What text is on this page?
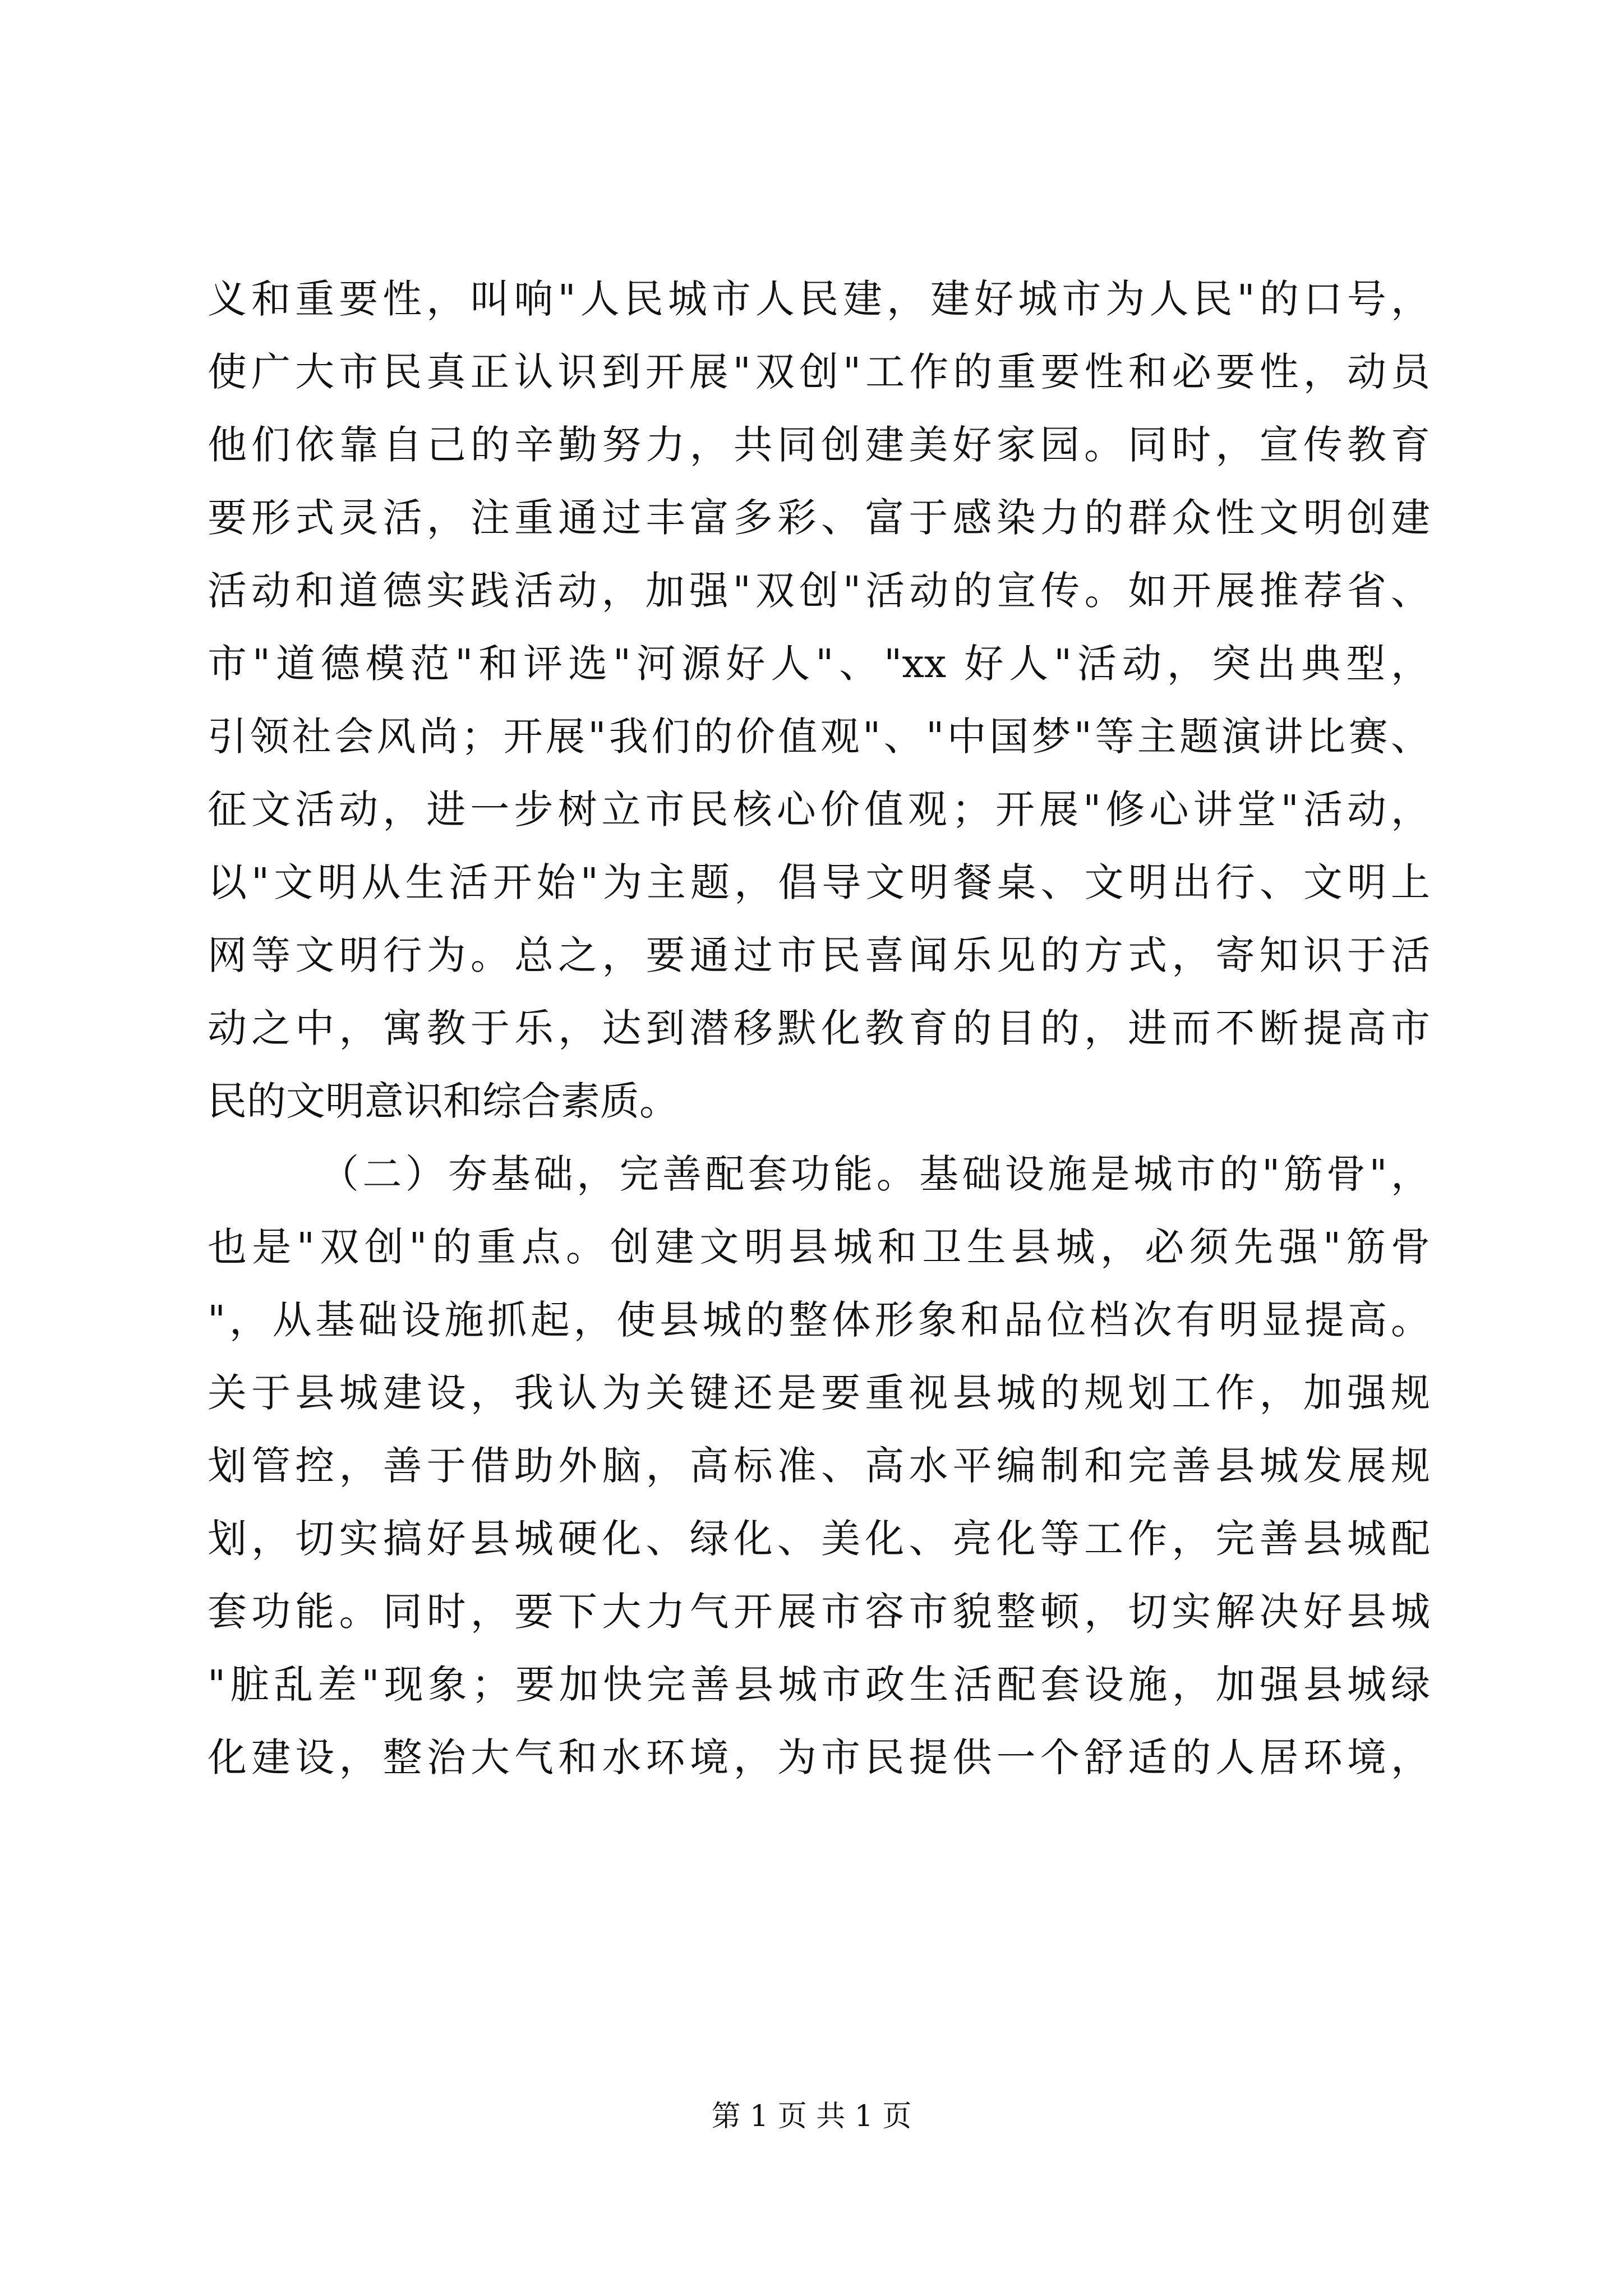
义和重要性，叫响"人民城市人民建，建好城市为人民"的口号，
使广大市民真正认识到开展"双创"工作的重要性和必要性，动员
他们依靠自己的辛勤努力，共同创建美好家园。同时，宣传教育
要形式灵活，注重通过丰富多彩、富于感染力的群众性文明创建
活动和道德实践活动，加强"双创"活动的宣传。如开展推荐省、
市"道德模范"和评选"河源好人"、"xx 好人"活动，突出典型，
引领社会风尚；开展"我们的价值观"、"中国梦"等主题演讲比赛、
征文活动，进一步树立市民核心价值观；开展"修心讲堂"活动，
以"文明从生活开始"为主题，倡导文明餐桌、文明出行、文明上
网等文明行为。总之，要通过市民喜闻乐见的方式，寄知识于活
动之中，寓教于乐，达到潜移默化教育的目的，进而不断提高市
民的文明意识和综合素质。
（二）夯基础，完善配套功能。基础设施是城市的"筋骨"，
也是"双创"的重点。创建文明县城和卫生县城，必须先强"筋骨
"，从基础设施抓起，使县城的整体形象和品位档次有明显提高。
关于县城建设，我认为关键还是要重视县城的规划工作，加强规
划管控，善于借助外脑，高标准、高水平编制和完善县城发展规
划，切实搞好县城硬化、绿化、美化、亮化等工作，完善县城配
套功能。同时，要下大力气开展市容市貌整顿，切实解决好县城
"脏乱差"现象；要加快完善县城市政生活配套设施，加强县城绿
化建设，整治大气和水环境，为市民提供一个舒适的人居环境，
第 1 页 共 1 页
